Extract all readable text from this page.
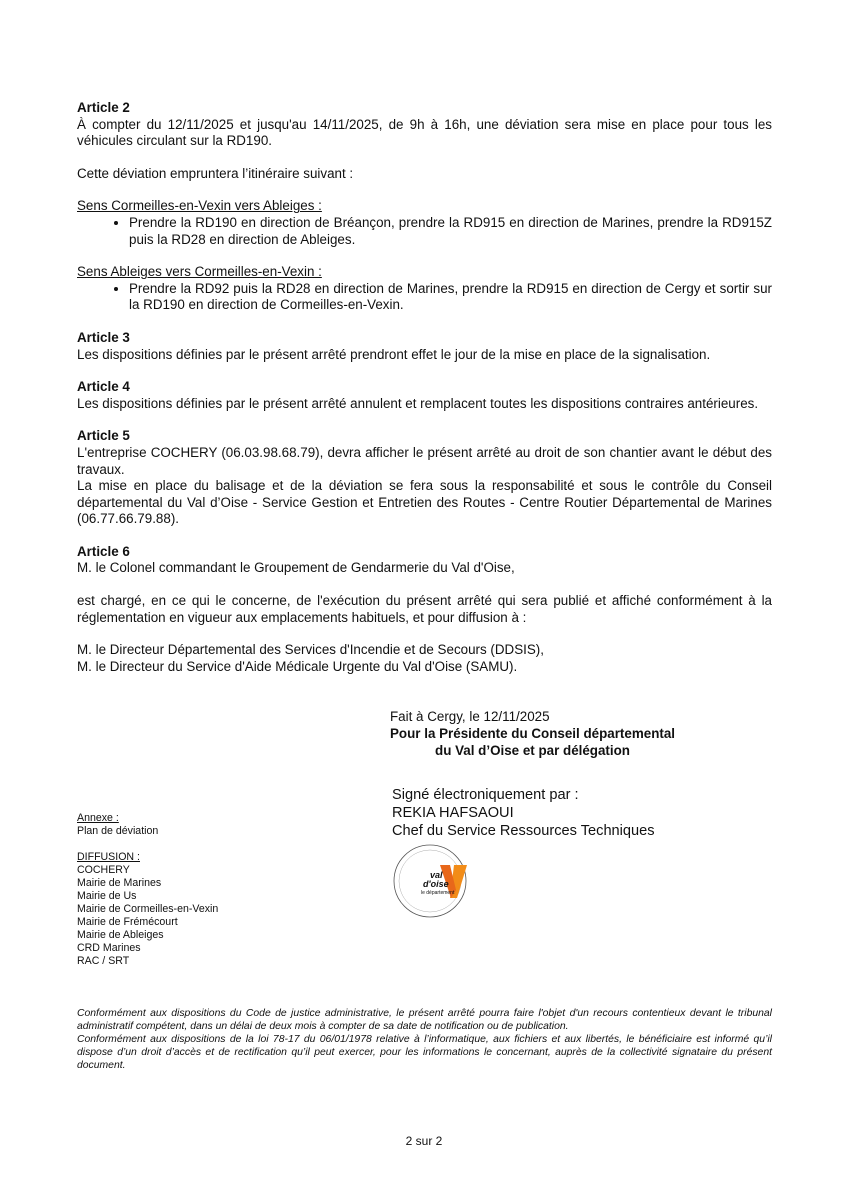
Article 2

À compter du 12/11/2025 et jusqu'au 14/11/2025, de 9h à 16h, une déviation sera mise en place pour tous les véhicules circulant sur la RD190.

Cette déviation empruntera l’itinéraire suivant :

Sens Cormeilles-en-Vexin vers Ableiges :
• Prendre la RD190 en direction de Bréançon, prendre la RD915 en direction de Marines, prendre la RD915Z puis la RD28 en direction de Ableiges.
Sens Ableiges vers Cormeilles-en-Vexin :
• Prendre la RD92 puis la RD28 en direction de Marines, prendre la RD915 en direction de Cergy et sortir sur la RD190 en direction de Cormeilles-en-Vexin.
Article 3

Les dispositions définies par le présent arrêté prendront effet le jour de la mise en place de la signalisation.

Article 4

Les dispositions définies par le présent arrêté annulent et remplacent toutes les dispositions contraires antérieures.

Article 5

L'entreprise COCHERY (06.03.98.68.79), devra afficher le présent arrêté au droit de son chantier avant le début des travaux.

La mise en place du balisage et de la déviation se fera sous la responsabilité et sous le contrôle du Conseil départemental du Val d’Oise - Service Gestion et Entretien des Routes - Centre Routier Départemental de Marines (06.77.66.79.88).

Article 6

M. le Colonel commandant le Groupement de Gendarmerie du Val d'Oise,

est chargé, en ce qui le concerne, de l'exécution du présent arrêté qui sera publié et affiché conformément à la réglementation en vigueur aux emplacements habituels, et pour diffusion à :

M. le Directeur Départemental des Services d'Incendie et de Secours (DDSIS),

M. le Directeur du Service d'Aide Médicale Urgente du Val d'Oise (SAMU).

Fait à Cergy, le 12/11/2025
Pour la Présidente du Conseil départemental
du Val d’Oise et par délégation
Signé électroniquement par :
REKIA HAFSAOUI
Chef du Service Ressources Techniques
val
d'oise
le département
Annexe :
Plan de déviation
DIFFUSION :
COCHERY
Mairie de Marines
Mairie de Us
Mairie de Cormeilles-en-Vexin
Mairie de Frémécourt
Mairie de Ableiges
CRD Marines
RAC / SRT
Conformément aux dispositions du Code de justice administrative, le présent arrêté pourra faire l'objet d'un recours contentieux devant le tribunal administratif compétent, dans un délai de deux mois à compter de sa date de notification ou de publication.
Conformément aux dispositions de la loi 78-17 du 06/01/1978 relative à l’informatique, aux fichiers et aux libertés, le bénéficiaire est informé qu’il dispose d’un droit d’accès et de rectification qu’il peut exercer, pour les informations le concernant, auprès de la collectivité signataire du présent document.
2 sur 2
